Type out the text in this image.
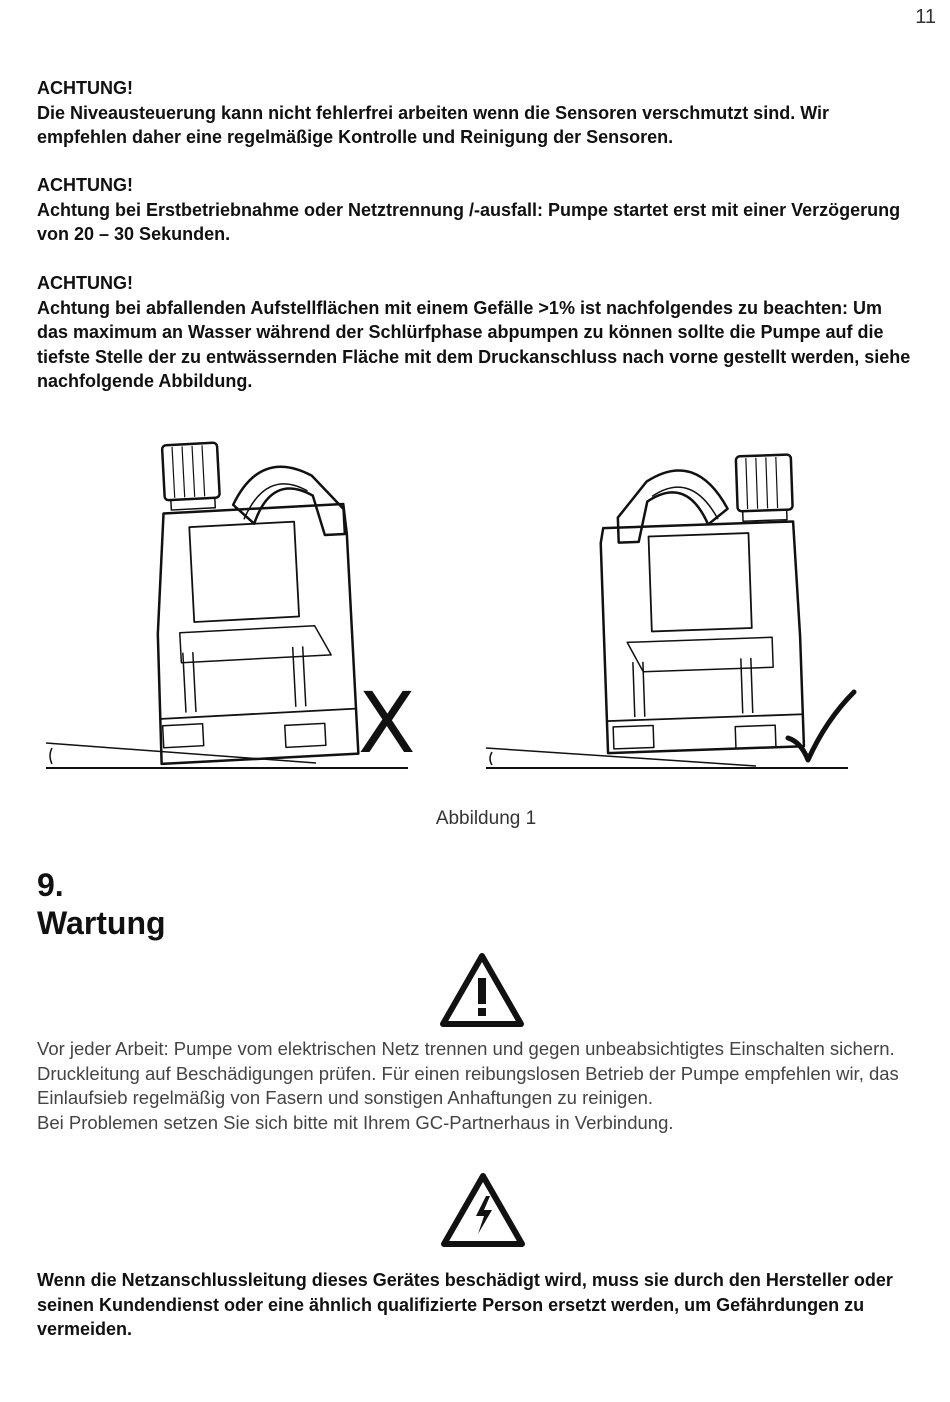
11

ACHTUNG!

Die Niveausteuerung kann nicht fehlerfrei arbeiten wenn die Sensoren verschmutzt sind. Wir empfehlen daher eine regelmäßige Kontrolle und Reinigung der Sensoren.

ACHTUNG!

Achtung bei Erstbetriebnahme oder Netztrennung /-ausfall: Pumpe startet erst mit einer Verzögerung von 20 – 30 Sekunden.

ACHTUNG!

Achtung bei abfallenden Aufstellflächen mit einem Gefälle >1% ist nachfolgendes zu beachten: Um das maximum an Wasser während der Schlürfphase abpumpen zu können sollte die Pumpe auf die tiefste Stelle der zu entwässernden Fläche mit dem Druckanschluss nach vorne gestellt werden, siehe nachfolgende Abbildung.

X
Abbildung 1
9.
Wartung

Vor jeder Arbeit: Pumpe vom elektrischen Netz trennen und gegen unbeabsichtigtes Einschalten sichern. Druckleitung auf Beschädigungen prüfen. Für einen reibungslosen Betrieb der Pumpe empfehlen wir, das Einlaufsieb regelmäßig von Fasern und sonstigen Anhaftungen zu reinigen.

Bei Problemen setzen Sie sich bitte mit Ihrem GC-Partnerhaus in Verbindung.

Wenn die Netzanschlussleitung dieses Gerätes beschädigt wird, muss sie durch den Hersteller oder seinen Kundendienst oder eine ähnlich qualifizierte Person ersetzt werden, um Gefährdungen zu vermeiden.
